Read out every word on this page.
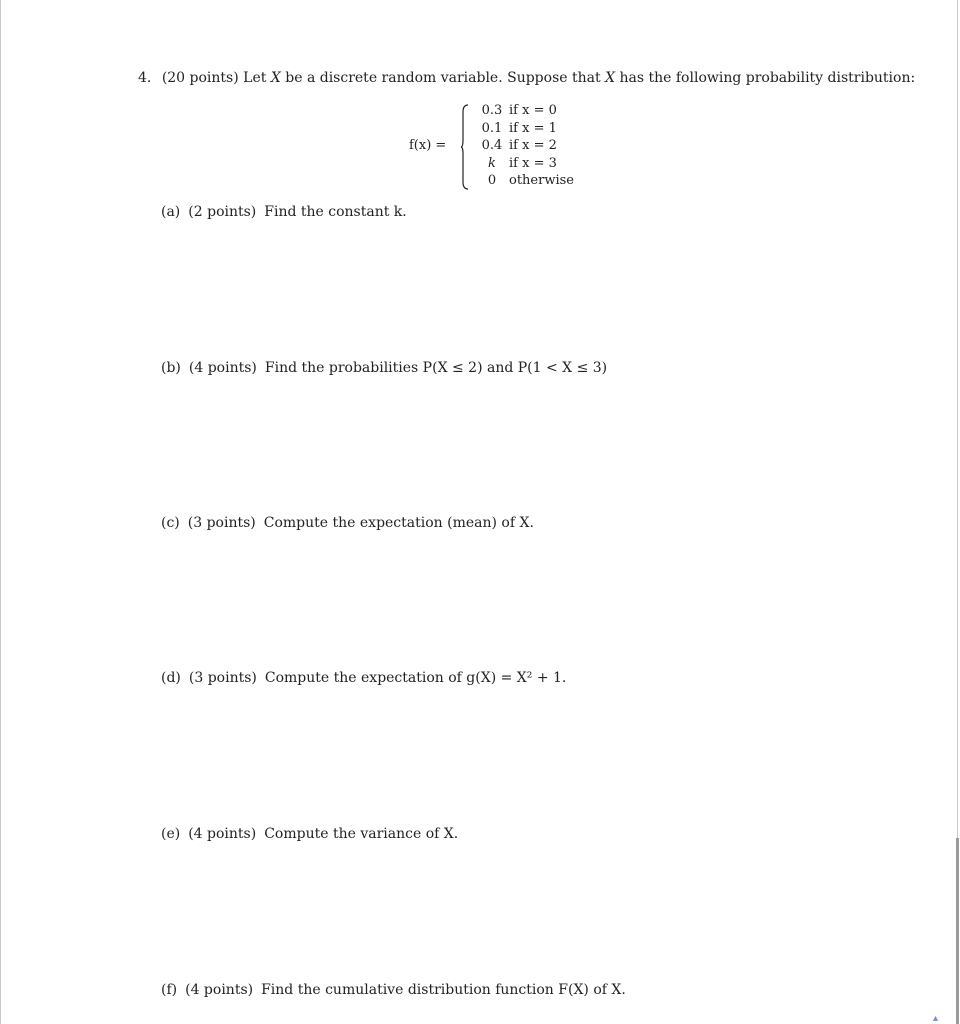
4. (20 points) Let X be a discrete random variable. Suppose that X has the following probability distribution:
f(x) =
0.3 if x = 0
0.1 if x = 1
0.4 if x = 2
k	if x = 3
0 otherwise
(a) (2 points) Find the constant k.
(b) (4 points) Find the probabilities P(X ≤ 2) and P(1 < X ≤ 3)
(c) (3 points) Compute the expectation (mean) of X.
(d) (3 points) Compute the expectation of g(X) = X² + 1.
(e) (4 points) Compute the variance of X.
(f) (4 points) Find the cumulative distribution function F(X) of X.
▴
